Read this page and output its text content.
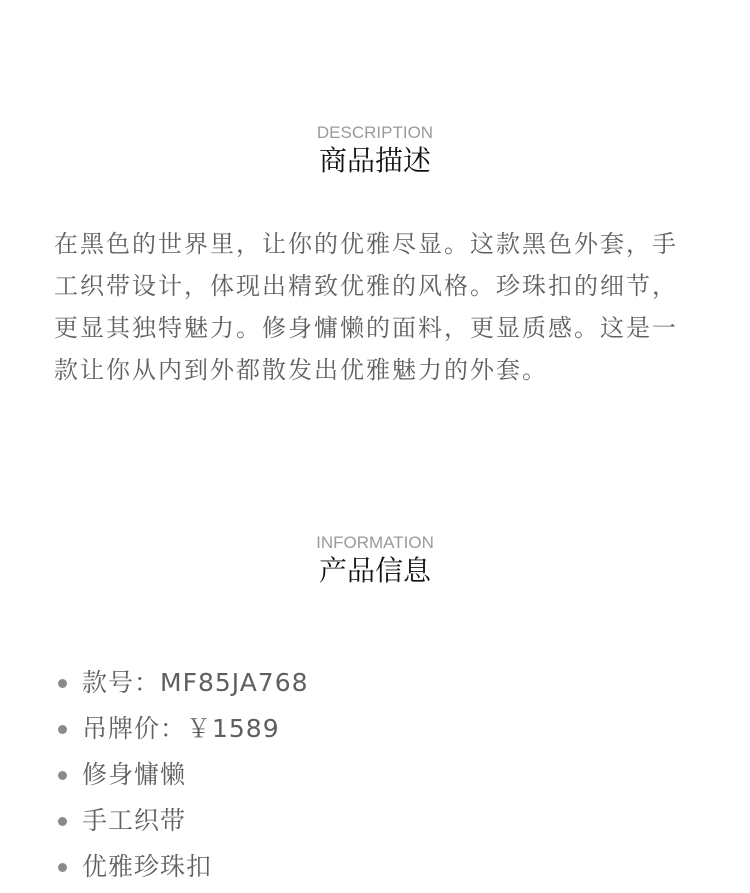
DESCRIPTION
商品描述

在黑色的世界里，让你的优雅尽显。这款黑色外套，手工织带设计，体现出精致优雅的风格。珍珠扣的细节，更显其独特魅力。修身慵懒的面料，更显质感。这是一款让你从内到外都散发出优雅魅力的外套。

INFORMATION
产品信息
款号：MF85JA768
吊牌价：￥1589
修身慵懒
手工织带
优雅珍珠扣
